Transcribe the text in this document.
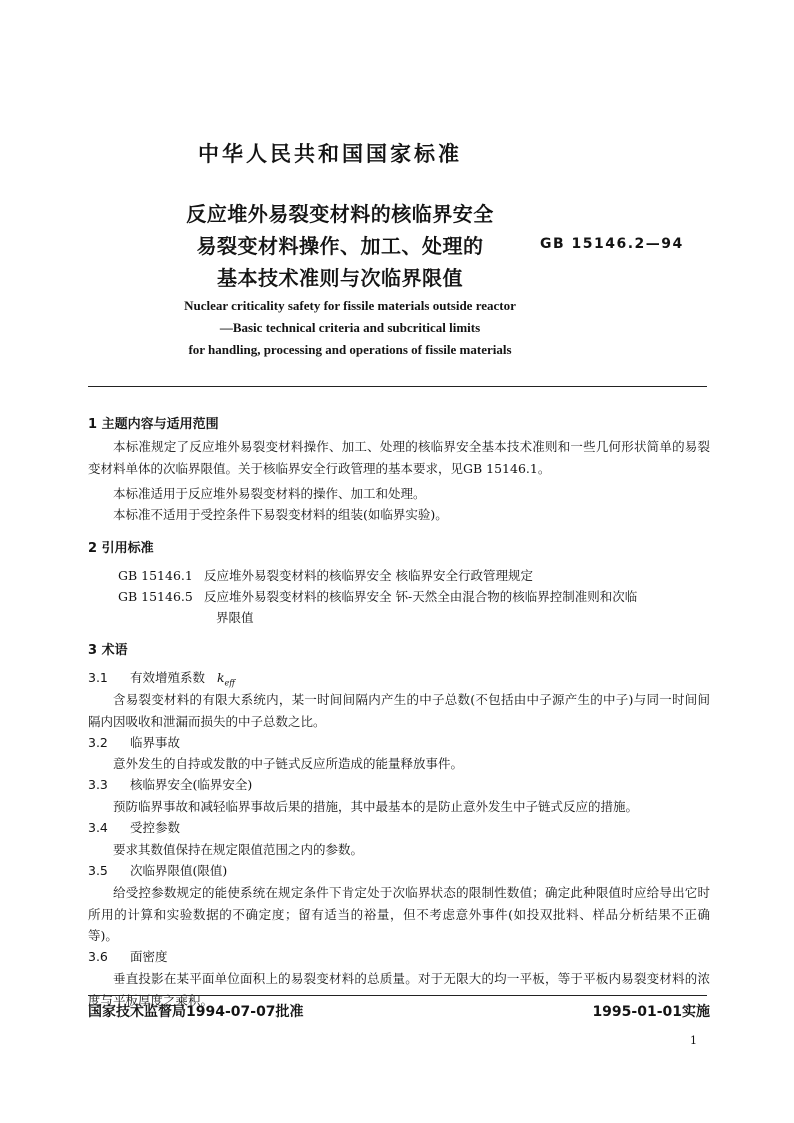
中华人民共和国国家标准
反应堆外易裂变材料的核临界安全
易裂变材料操作、加工、处理的
基本技术准则与次临界限值
GB 15146.2—94
Nuclear criticality safety for fissile materials outside reactor
—Basic technical criteria and subcritical limits
for handling, processing and operations of fissile materials
1 主题内容与适用范围
本标准规定了反应堆外易裂变材料操作、加工、处理的核临界安全基本技术准则和一些几何形状简单的易裂变材料单体的次临界限值。关于核临界安全行政管理的基本要求，见GB 15146.1。
本标准适用于反应堆外易裂变材料的操作、加工和处理。
本标准不适用于受控条件下易裂变材料的组装(如临界实验)。
2 引用标准
GB 15146.1 反应堆外易裂变材料的核临界安全 核临界安全行政管理规定
GB 15146.5 反应堆外易裂变材料的核临界安全 钚-天然全由混合物的核临界控制准则和次临
界限值
3 术语
3.1 有效增殖系数 $k_{eff}$
含易裂变材料的有限大系统内，某一时间间隔内产生的中子总数(不包括由中子源产生的中子)与同一时间间隔内因吸收和泄漏而损失的中子总数之比。
3.2 临界事故
意外发生的自持或发散的中子链式反应所造成的能量释放事件。
3.3 核临界安全(临界安全)
预防临界事故和减轻临界事故后果的措施，其中最基本的是防止意外发生中子链式反应的措施。
3.4 受控参数
要求其数值保持在规定限值范围之内的参数。
3.5 次临界限值(限值)
给受控参数规定的能使系统在规定条件下肯定处于次临界状态的限制性数值；确定此种限值时应给导出它时所用的计算和实验数据的不确定度；留有适当的裕量，但不考虑意外事件(如投双批料、样品分析结果不正确等)。
3.6 面密度
垂直投影在某平面单位面积上的易裂变材料的总质量。对于无限大的均一平板，等于平板内易裂变材料的浓度与平板厚度之乘积。
国家技术监督局1994-07-07批准	1995-01-01实施
1
